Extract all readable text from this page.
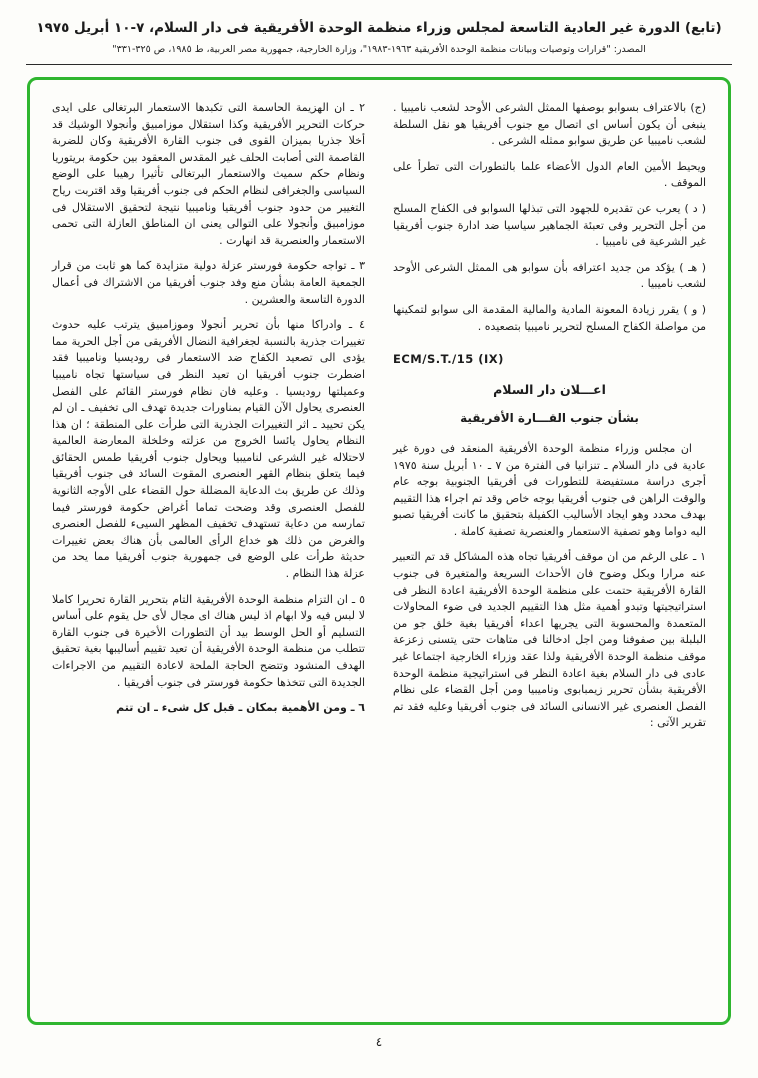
(تابع) الدورة غير العادية التاسعة لمجلس وزراء منظمة الوحدة الأفريقية فى دار السلام، ٧-١٠ أبريل ١٩٧٥
المصدر: "قرارات وتوصيات وبيانات منظمة الوحدة الأفريقية ١٩٦٣-١٩٨٣"، وزارة الخارجية، جمهورية مصر العربية، ط ١٩٨٥، ص ٣٢٥-٣٣١"

(ج) بالاعتراف بسوابو بوصفها الممثل الشرعى الأوحد لشعب ناميبيا . ينبغى أن يكون أساس اى اتصال مع جنوب أفريقيا هو نقل السلطة لشعب ناميبيا عن طريق سوابو ممثله الشرعى .

ويحيط الأمين العام الدول الأعضاء علما بالتطورات التى تطرأ على الموقف .

( د ) يعرب عن تقديره للجهود التى تبذلها السوابو فى الكفاح المسلح من أجل التحرير وفى تعبئة الجماهير سياسيا ضد ادارة جنوب أفريقيا غير الشرعية فى ناميبيا .

( هـ ) يؤكد من جديد اعترافه بأن سوابو هى الممثل الشرعى الأوحد لشعب ناميبيا .

( و ) يقرر زيادة المعونة المادية والمالية المقدمة الى سوابو لتمكينها من مواصلة الكفاح المسلح لتحرير ناميبيا بتصعيده .

ECM/S.T./15 (IX)
اعـــلان دار السلام
بشأن جنوب القـــارة الأفريقية

ان مجلس وزراء منظمة الوحدة الأفريقية المنعقد فى دورة غير عادية فى دار السلام ـ تنزانيا فى الفترة من ٧ ـ ١٠ أبريل سنة ١٩٧٥ أجرى دراسة مستفيضة للتطورات فى أفريقيا الجنوبية بوجه عام والوقت الراهن فى جنوب أفريقيا بوجه خاص وقد تم اجراء هذا التقييم بهدف محدد وهو ايجاد الأساليب الكفيلة بتحقيق ما كانت أفريقيا تصبو اليه دواما وهو تصفية الاستعمار والعنصرية تصفية كاملة .

١ ـ على الرغم من ان موقف أفريقيا تجاه هذه المشاكل قد تم التعبير عنه مرارا وبكل وضوح فان الأحداث السريعة والمتغيرة فى جنوب القارة الأفريقية حتمت على منظمة الوحدة الأفريقية اعادة النظر فى استراتيجيتها وتبدو أهمية مثل هذا التقييم الجديد فى ضوء المحاولات المتعمدة والمحسوبة التى يجريها اعداء أفريقيا بغية خلق جو من البلبلة بين صفوفنا ومن اجل ادخالنا فى متاهات حتى يتسنى زعزعة موقف منظمة الوحدة الأفريقية ولذا عقد وزراء الخارجية اجتماعا غير عادى فى دار السلام بغية اعادة النظر فى استراتيجية منظمة الوحدة الأفريقية بشأن تحرير زيمبابوى وناميبيا ومن أجل القضاء على نظام الفصل العنصرى غير الانسانى السائد فى جنوب أفريقيا وعليه فقد تم تقرير الآتى :

٢ ـ ان الهزيمة الحاسمة التى تكبدها الاستعمار البرتغالى على ايدى حركات التحرير الأفريقية وكذا استقلال موزامبيق وأنجولا الوشيك قد أخلا جذريا بميزان القوى فى جنوب القارة الأفريقية وكان للضربة القاصمة التى أصابت الحلف غير المقدس المعقود بين حكومة بريتوريا ونظام حكم سميث والاستعمار البرتغالى تأثيرا رهيبا على الوضع السياسى والجغرافى لنظام الحكم فى جنوب أفريقيا وقد اقتربت رياح التغيير من حدود جنوب أفريقيا وناميبيا نتيجة لتحقيق الاستقلال فى موزامبيق وأنجولا على التوالى يعنى ان المناطق العازلة التى تحمى الاستعمار والعنصرية قد انهارت .

٣ ـ تواجه حكومة فورستر عزلة دولية متزايدة كما هو ثابت من قرار الجمعية العامة بشأن منع وفد جنوب أفريقيا من الاشتراك فى أعمال الدورة التاسعة والعشرين .

٤ ـ وادراكا منها بأن تحرير أنجولا وموزامبيق يترتب عليه حدوث تغييرات جذرية بالنسبة لجغرافية النضال الأفريقى من أجل الحرية مما يؤدى الى تصعيد الكفاح ضد الاستعمار فى روديسيا وناميبيا فقد اضطرت جنوب أفريقيا ان تعيد النظر فى سياستها تجاه ناميبيا وعميلتها روديسيا . وعليه فان نظام فورستر القائم على الفصل العنصرى يحاول الآن القيام بمناورات جديدة تهدف الى تخفيف ـ ان لم يكن تحييد ـ اثر التغييرات الجذرية التى طرأت على المنطقة ؛ ان هذا النظام يحاول يائسا الخروج من عزلته وخلخلة المعارضة العالمية لاحتلاله غير الشرعى لناميبيا ويحاول جنوب أفريقيا طمس الحقائق فيما يتعلق بنظام القهر العنصرى المقوت السائد فى جنوب أفريقيا وذلك عن طريق بث الدعاية المضللة حول القضاء على الأوجه الثانوية للفصل العنصرى وقد وضحت تماما أغراض حكومة فورستر فيما تمارسه من دعاية تستهدف تخفيف المظهر السيىء للفصل العنصرى والغرض من ذلك هو خداع الرأى العالمى بأن هناك بعض تغييرات حديثة طرأت على الوضع فى جمهورية جنوب أفريقيا مما يحد من عزلة هذا النظام .

٥ ـ ان التزام منظمة الوحدة الأفريقية التام بتحرير القارة تحريرا كاملا لا لبس فيه ولا ابهام اذ ليس هناك اى مجال لأى حل يقوم على أساس التسليم أو الحل الوسط بيد أن التطورات الأخيرة فى جنوب القارة تتطلب من منظمة الوحدة الأفريقية أن تعيد تقييم أساليبها بغية تحقيق الهدف المنشود وتتضح الحاجة الملحة لاعادة التقييم من الاجراءات الجديدة التى تتخذها حكومة فورستر فى جنوب أفريقيا .

٦ ـ ومن الأهمية بمكان ـ قبل كل شىء ـ ان تتم

٤
